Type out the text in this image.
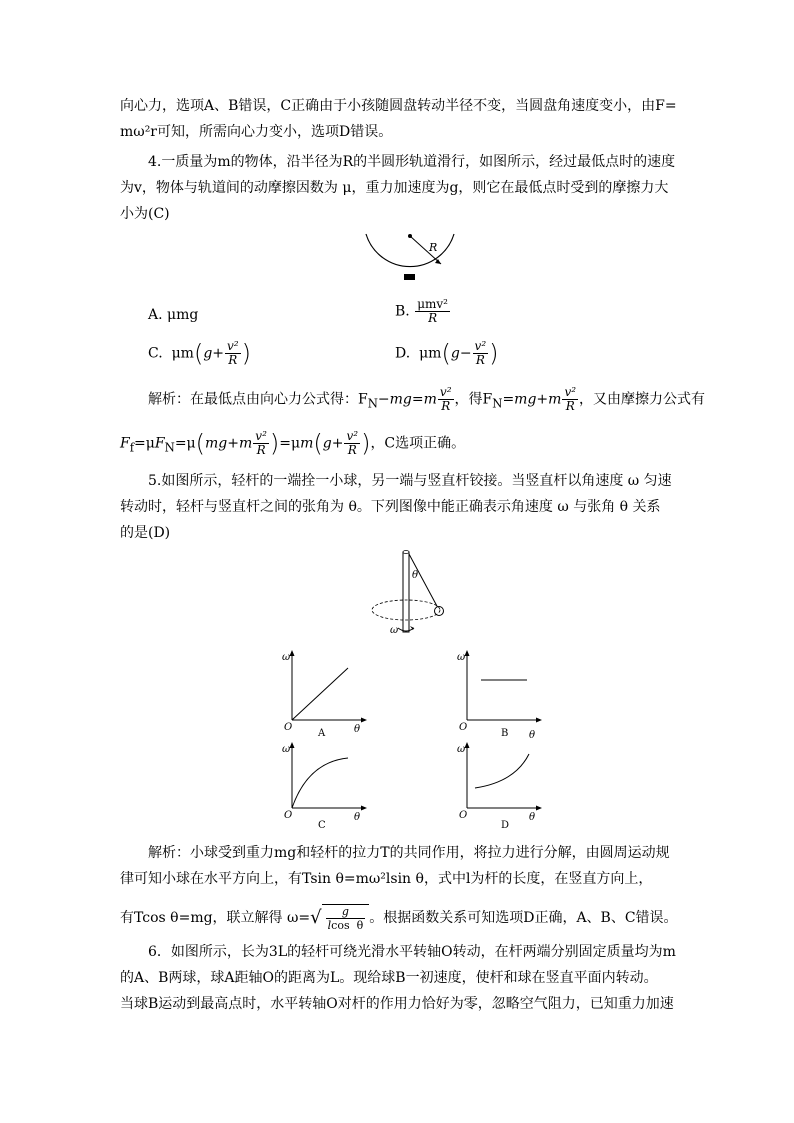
向心力，选项A、B错误，C正确由于小孩随圆盘转动半径不变，当圆盘角速度变小，由F=
mω²r可知，所需向心力变小，选项D错误。
4.一质量为m的物体，沿半径为R的半圆形轨道滑行，如图所示，经过最低点时的速度
为v，物体与轨道间的动摩擦因数为 μ，重力加速度为g，则它在最低点时受到的摩擦力大
小为(C)
R
A. μmg	B. $\frac{\text{μmv²}}{R}$
C.  $\mu m(g+ \frac{\text{v²}}{R}$ )	D.  $\mu m(g- \frac{\text{v²}}{R}$ )
解析：在最低点由向心力公式得：$F_N-mg=m \frac{\text{v²}}{R}$ ，得$F_N=mg+m \frac{\text{v²}}{R}$ ，又由摩擦力公式有
$F_f=\mu F_N=\mu(mg+m \frac{\text{v²}}{R} )=\mu m(g+ \frac{\text{v²}}{R}$ )，C选项正确。
5.如图所示，轻杆的一端拴一小球，另一端与竖直杆铰接。当竖直杆以角速度 ω 匀速
转动时，轻杆与竖直杆之间的张角为 θ。下列图像中能正确表示角速度 ω 与张角 θ 关系
的是(D)
θ
ω
ω
O	θ
A
ω
O
θ
B
ω
O	θ
C
ω
O	θ
D
解析：小球受到重力mg和轻杆的拉力T的共同作用，将拉力进行分解，由圆周运动规
律可知小球在水平方向上，有Tsin θ=mω²lsin θ，式中l为杆的长度，在竖直方向上，
有Tcos θ=mg，联立解得 $\omega=√ \frac{g}{\text{lcos  θ}}$ 。根据函数关系可知选项D正确，A、B、C错误。
6．如图所示，长为3L的轻杆可绕光滑水平转轴O转动，在杆两端分别固定质量均为m
的A、B两球，球A距轴O的距离为L。现给球B一初速度，使杆和球在竖直平面内转动。
当球B运动到最高点时，水平转轴O对杆的作用力恰好为零，忽略空气阻力，已知重力加速
